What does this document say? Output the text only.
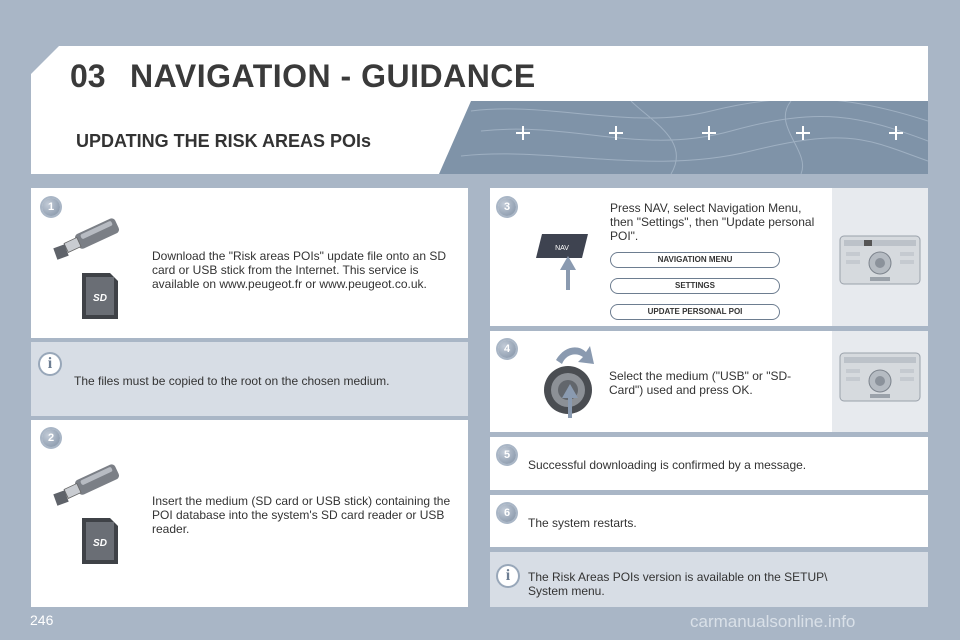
03 NAVIGATION - GUIDANCE
UPDATING THE RISK AREAS POIs
1
SD
Download the "Risk areas POIs" update file onto an SD card or USB stick from the Internet. This service is available on www.peugeot.fr or www.peugeot.co.uk.
i
The files must be copied to the root on the chosen medium.
2
SD
Insert the medium (SD card or USB stick) containing the POI database into the system's SD card reader or USB reader.
3
NAV
Press NAV, select Navigation Menu, then "Settings", then "Update personal POI".
NAVIGATION MENU
SETTINGS
UPDATE PERSONAL POI
4
Select the medium ("USB" or "SD-Card") used and press OK.
5
Successful downloading is confirmed by a message.
6
The system restarts.
i	The Risk Areas POIs version is available on the SETUP\ System menu.
246	carmanualsonline.info
